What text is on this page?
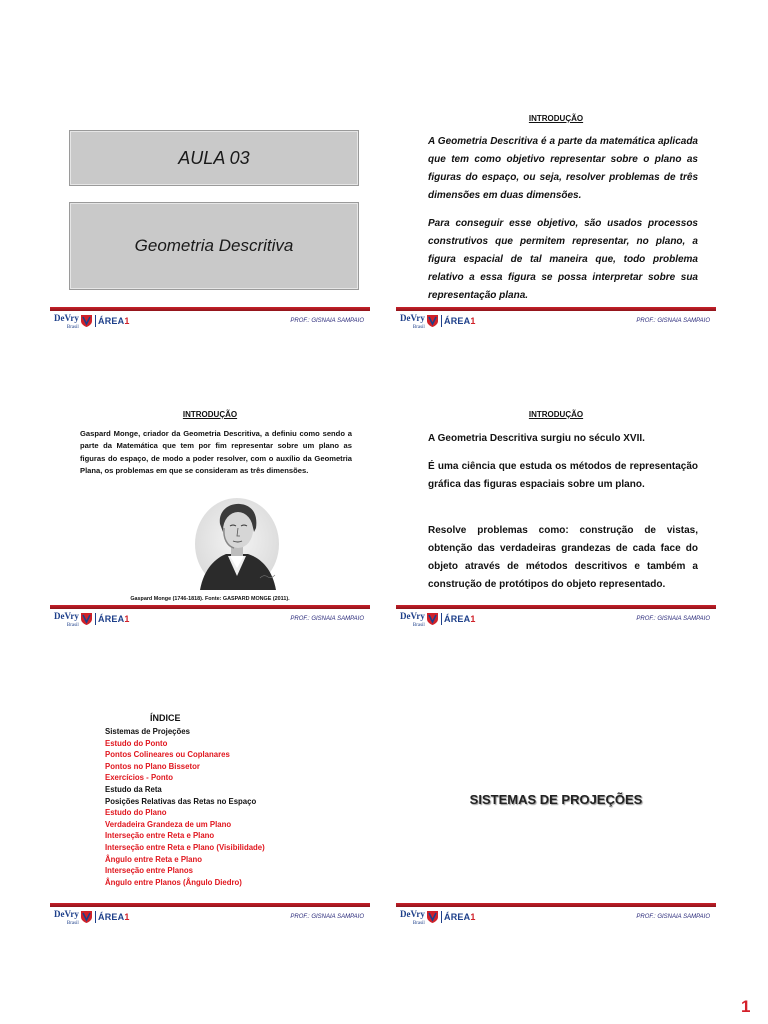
AULA 03
Geometria Descritiva
DeVry
Brasil
ÁREA1	PROF.: GISNAIA SAMPAIO
INTRODUÇÃO
A Geometria Descritiva é a parte da matemática aplicada que tem como objetivo representar sobre o plano as figuras do espaço, ou seja, resolver problemas de três dimensões em duas dimensões.
Para conseguir esse objetivo, são usados processos construtivos que permitem representar, no plano, a figura espacial de tal maneira que, todo problema relativo a essa figura se possa interpretar sobre sua representação plana.
DeVry
Brasil
ÁREA1	PROF.: GISNAIA SAMPAIO
INTRODUÇÃO
Gaspard Monge, criador da Geometria Descritiva, a definiu como sendo a parte da Matemática que tem por fim representar sobre um plano as figuras do espaço, de modo a poder resolver, com o auxílio da Geometria Plana, os problemas em que se consideram as três dimensões.
Gaspard Monge (1746-1818). Fonte: GASPARD MONGE (2011).
DeVry
Brasil
ÁREA1	PROF.: GISNAIA SAMPAIO
INTRODUÇÃO
A Geometria Descritiva surgiu no século XVII.
É uma ciência que estuda os métodos de representação gráfica das figuras espaciais sobre um plano.
Resolve problemas como: construção de vistas, obtenção das verdadeiras grandezas de cada face do objeto através de métodos descritivos e também a construção de protótipos do objeto representado.
DeVry
Brasil
ÁREA1	PROF.: GISNAIA SAMPAIO
ÍNDICE
Sistemas de Projeções
Estudo do Ponto
Pontos Colineares ou Coplanares
Pontos no Plano Bissetor
Exercícios - Ponto
Estudo da Reta
Posições Relativas das Retas no Espaço
Estudo do Plano
Verdadeira Grandeza de um Plano
Interseção entre Reta e Plano
Interseção entre Reta e Plano (Visibilidade)
Ângulo entre Reta e Plano
Interseção entre Planos
Ângulo entre Planos (Ângulo Diedro)
DeVry
Brasil
ÁREA1	PROF.: GISNAIA SAMPAIO
SISTEMAS DE PROJEÇÕES
DeVry
Brasil
ÁREA1	PROF.: GISNAIA SAMPAIO
1
